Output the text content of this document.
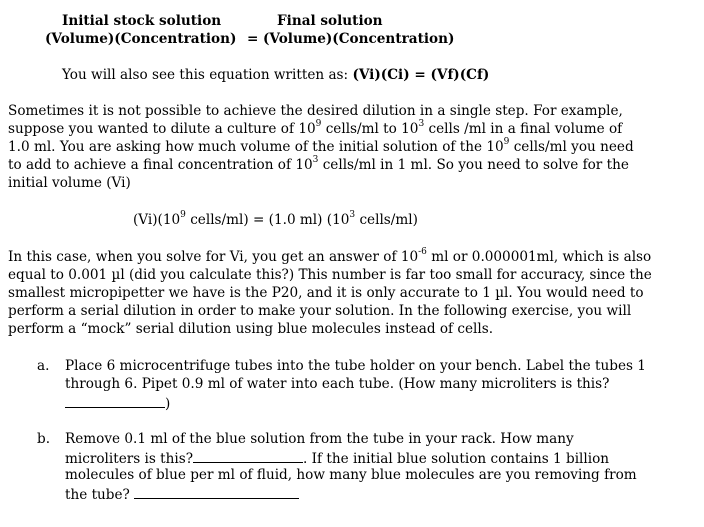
Initial stock solution	Final solution
(Volume)(Concentration) = (Volume)(Concentration)
You will also see this equation written as: (Vi)(Ci) = (Vf)(Cf)
Sometimes it is not possible to achieve the desired dilution in a single step. For example,
suppose you wanted to dilute a culture of $10^9$ cells/ml to $10^3$ cells /ml in a final volume of
1.0 ml. You are asking how much volume of the initial solution of the $10^9$ cells/ml you need
to add to achieve a final concentration of $10^3$ cells/ml in 1 ml. So you need to solve for the
initial volume (Vi)
$(Vi)(10^9$ cells/ml) = (1.0 ml) ($10^3$ cells/ml)
In this case, when you solve for Vi, you get an answer of $10^{-6}$ ml or 0.000001ml, which is also
equal to 0.001 µl (did you calculate this?) This number is far too small for accuracy, since the
smallest micropipetter we have is the P20, and it is only accurate to 1 µl. You would need to
perform a serial dilution in order to make your solution. In the following exercise, you will
perform a “mock” serial dilution using blue molecules instead of cells.
a. Place 6 microcentrifuge tubes into the tube holder on your bench. Label the tubes 1
through 6. Pipet 0.9 ml of water into each tube. (How many microliters is this?
)
b. Remove 0.1 ml of the blue solution from the tube in your rack. How many
microliters is this?	. If the initial blue solution contains 1 billion
molecules of blue per ml of fluid, how many blue molecules are you removing from
the tube?
